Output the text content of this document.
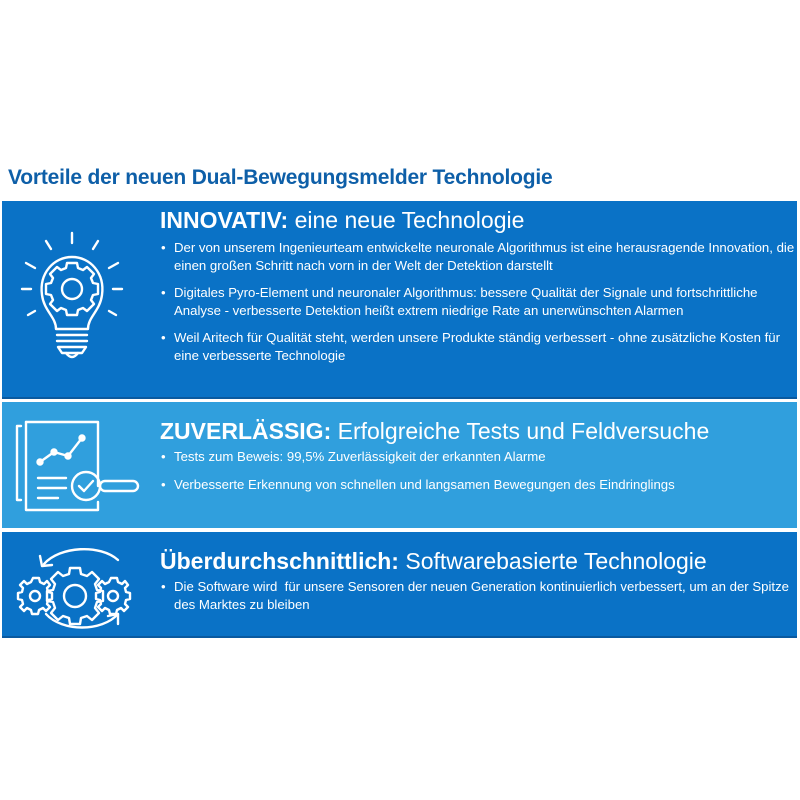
Vorteile der neuen Dual-Bewegungsmelder Technologie
INNOVATIV: eine neue Technologie
• Der von unserem Ingenieurteam entwickelte neuronale Algorithmus ist eine herausragende Innovation, die einen großen Schritt nach vorn in der Welt der Detektion darstellt
• Digitales Pyro-Element und neuronaler Algorithmus: bessere Qualität der Signale und fortschrittliche Analyse - verbesserte Detektion heißt extrem niedrige Rate an unerwünschten Alarmen
• Weil Aritech für Qualität steht, werden unsere Produkte ständig verbessert - ohne zusätzliche Kosten für eine verbesserte Technologie
ZUVERLÄSSIG: Erfolgreiche Tests und Feldversuche
• Tests zum Beweis: 99,5% Zuverlässigkeit der erkannten Alarme
• Verbesserte Erkennung von schnellen und langsamen Bewegungen des Eindringlings
Überdurchschnittlich: Softwarebasierte Technologie
• Die Software wird  für unsere Sensoren der neuen Generation kontinuierlich verbessert, um an der Spitze des Marktes zu bleiben
